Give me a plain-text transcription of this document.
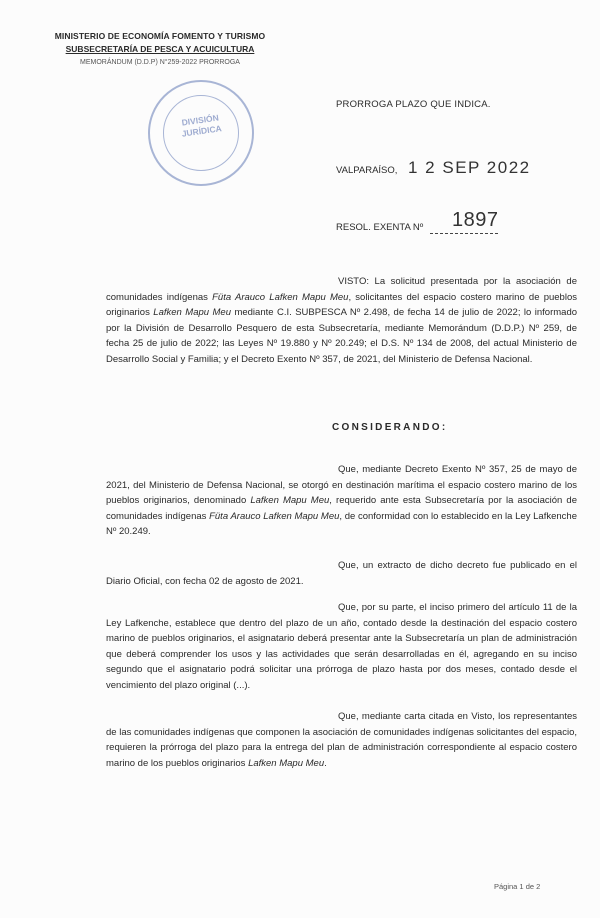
MINISTERIO DE ECONOMÍA FOMENTO Y TURISMO
SUBSECRETARÍA DE PESCA Y ACUICULTURA
MEMORÁNDUM (D.D.P) N°259-2022 PRORROGA
DIVISIÓN
JURÍDICA
PRORROGA PLAZO QUE INDICA.
VALPARAÍSO, 1 2 SEP 2022
RESOL. EXENTA Nº 1897
VISTO: La solicitud presentada por la asociación de comunidades indígenas Füta Arauco Lafken Mapu Meu, solicitantes del espacio costero marino de pueblos originarios Lafken Mapu Meu mediante C.I. SUBPESCA Nº 2.498, de fecha 14 de julio de 2022; lo informado por la División de Desarrollo Pesquero de esta Subsecretaría, mediante Memorándum (D.D.P.) Nº 259, de fecha 25 de julio de 2022; las Leyes Nº 19.880 y Nº 20.249; el D.S. Nº 134 de 2008, del actual Ministerio de Desarrollo Social y Familia; y el Decreto Exento Nº 357, de 2021, del Ministerio de Defensa Nacional.
CONSIDERANDO:
Que, mediante Decreto Exento Nº 357, 25 de mayo de 2021, del Ministerio de Defensa Nacional, se otorgó en destinación marítima el espacio costero marino de los pueblos originarios, denominado Lafken Mapu Meu, requerido ante esta Subsecretaría por la asociación de comunidades indígenas Füta Arauco Lafken Mapu Meu, de conformidad con lo establecido en la Ley Lafkenche Nº 20.249.
Que, un extracto de dicho decreto fue publicado en el Diario Oficial, con fecha 02 de agosto de 2021.
Que, por su parte, el inciso primero del artículo 11 de la Ley Lafkenche, establece que dentro del plazo de un año, contado desde la destinación del espacio costero marino de pueblos originarios, el asignatario deberá presentar ante la Subsecretaría un plan de administración que deberá comprender los usos y las actividades que serán desarrolladas en él, agregando en su inciso segundo que el asignatario podrá solicitar una prórroga de plazo hasta por dos meses, contado desde el vencimiento del plazo original (...).
Que, mediante carta citada en Visto, los representantes de las comunidades indígenas que componen la asociación de comunidades indígenas solicitantes del espacio, requieren la prórroga del plazo para la entrega del plan de administración correspondiente al espacio costero marino de los pueblos originarios Lafken Mapu Meu.
Página 1 de 2
